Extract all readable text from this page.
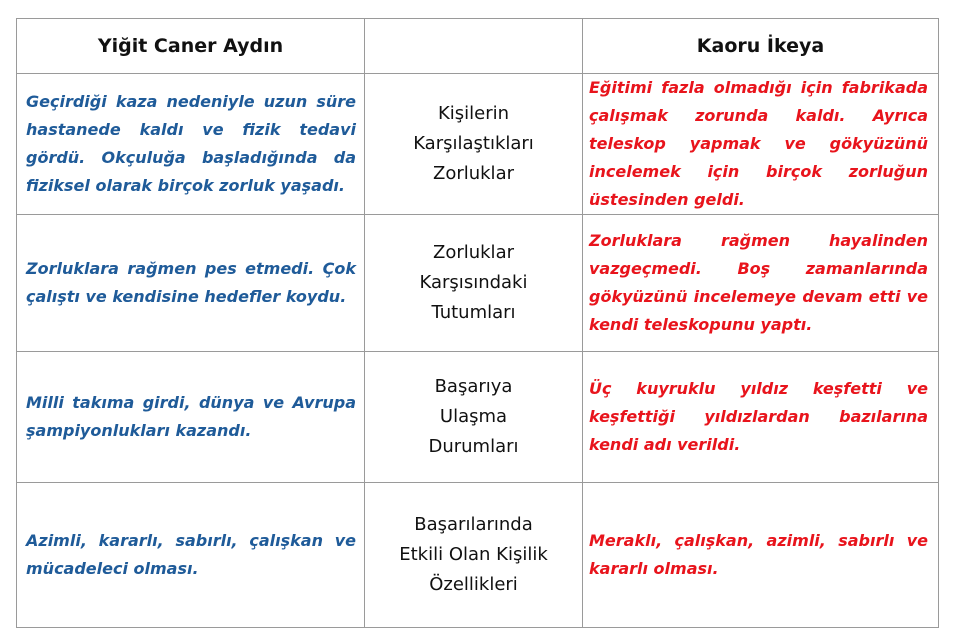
Yiğit Caner Aydın		Kaoru İkeya
Geçirdiği kaza nedeniyle uzun süre hastanede kaldı ve fizik tedavi gördü. Okçuluğa başladığında da fiziksel olarak birçok zorluk yaşadı.	Kişilerin
Karşılaştıkları
Zorluklar	Eğitimi fazla olmadığı için fabrikada çalışmak zorunda kaldı. Ayrıca teleskop yapmak ve gökyüzünü incelemek için birçok zorluğun üstesinden geldi.
Zorluklara rağmen pes etmedi. Çok çalıştı ve kendisine hedefler koydu.	Zorluklar
Karşısındaki
Tutumları	Zorluklara rağmen hayalinden vazgeçmedi. Boş zamanlarında gökyüzünü incelemeye devam etti ve kendi teleskopunu yaptı.
Milli takıma girdi, dünya ve Avrupa şampiyonlukları kazandı.	Başarıya
Ulaşma
Durumları	Üç kuyruklu yıldız keşfetti ve keşfettiği yıldızlardan bazılarına kendi adı verildi.
Azimli, kararlı, sabırlı, çalışkan ve mücadeleci olması.	Başarılarında
Etkili Olan Kişilik
Özellikleri	Meraklı, çalışkan, azimli, sabırlı ve kararlı olması.
